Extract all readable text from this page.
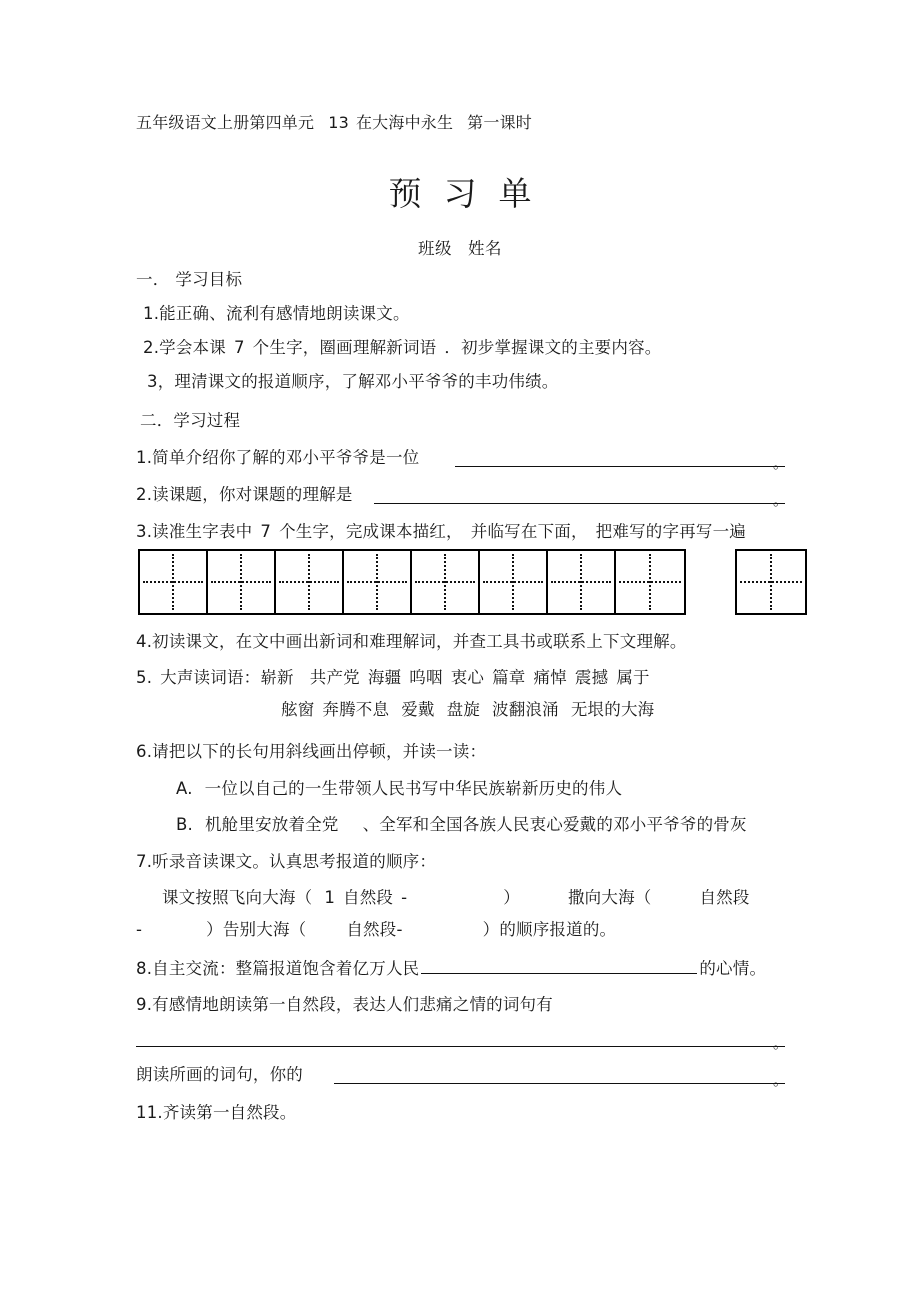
五年级语文上册第四单元 13 在大海中永生 第一课时
预习单
班级 姓名
一． 学习目标
1.能正确、流利有感情地朗读课文。
2.学会本课 7 个生字，圈画理解新词语 ．初步掌握课文的主要内容。
3，理清课文的报道顺序，了解邓小平爷爷的丰功伟绩。
二．学习过程
1.简单介绍你了解的邓小平爷爷是一位	。
2.读课题，你对课题的理解是	。
3.读准生字表中 7 个生字，完成课本描红， 并临写在下面， 把难写的字再写一遍
4.初读课文，在文中画出新词和难理解词，并查工具书或联系上下文理解。
5. 大声读词语：崭新 共产党 海疆 呜咽 衷心 篇章 痛悼 震撼 属于
舷窗 奔腾不息 爱戴 盘旋 波翻浪涌 无垠的大海
6.请把以下的长句用斜线画出停顿，并读一读：
A. 一位以自己的一生带领人民书写中华民族崭新历史的伟人
B. 机舱里安放着全党 、全军和全国各族人民衷心爱戴的邓小平爷爷的骨灰
7.听录音读课文。认真思考报道的顺序：
课文按照飞向大海（ 1 自然段 -	）	撒向大海（	自然段
-	）告别大海（ 自然段-	）的顺序报道的。
8.自主交流：整篇报道饱含着亿万人民	的心情。
9.有感情地朗读第一自然段，表达人们悲痛之情的词句有
。
朗读所画的词句，你的	。
11.齐读第一自然段。
